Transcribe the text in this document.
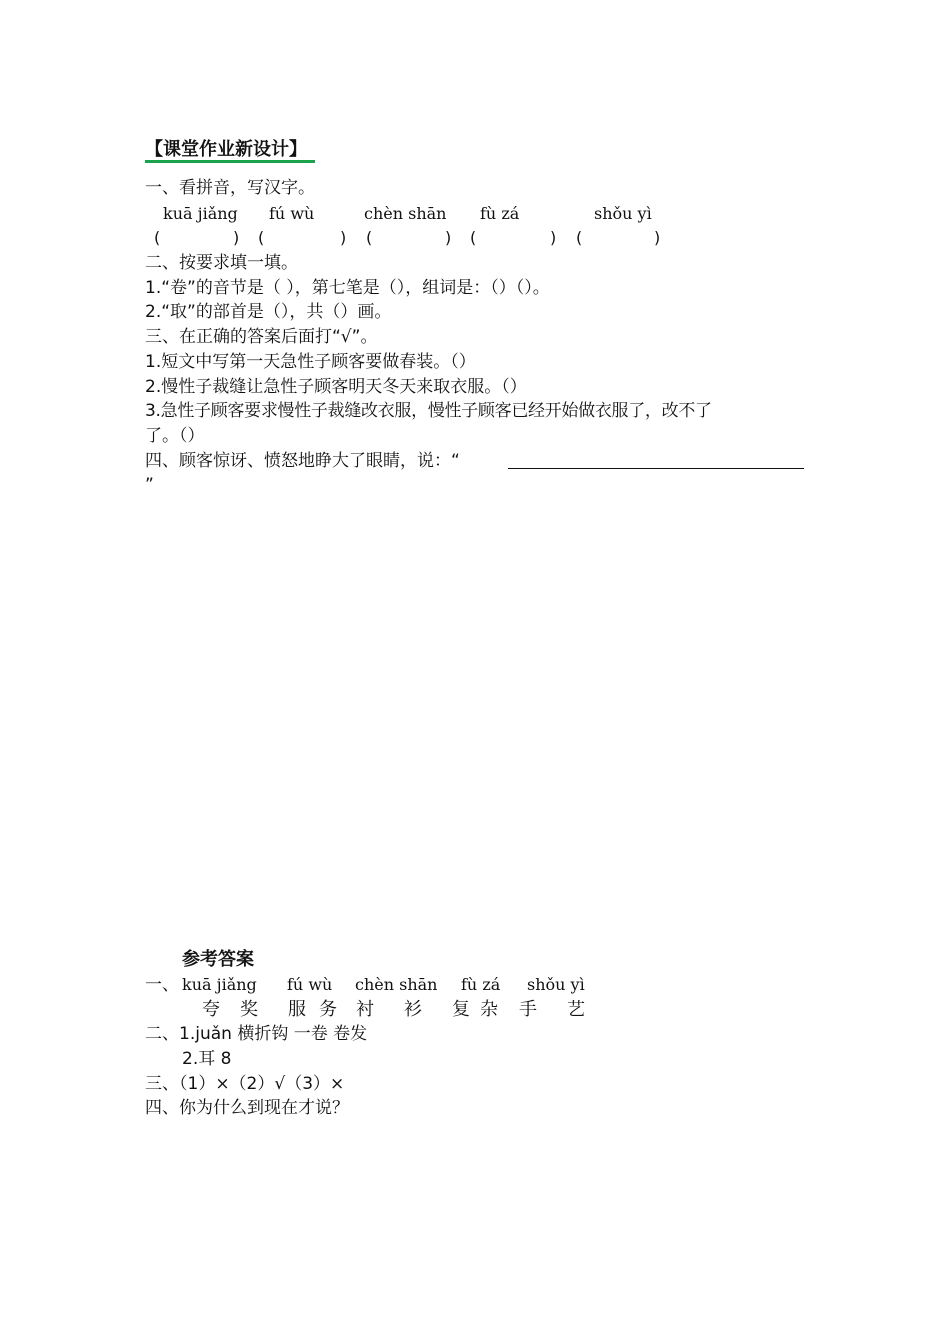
【课堂作业新设计】
一、看拼音，写汉字。
kuā jiǎng fú wù	chèn shān fù zá	shǒu yì
(	) (	) (	) (	) (	)
二、按要求填一填。
1.“卷”的音节是（ ），第七笔是（），组词是：（）（）。
2.“取”的部首是（），共（）画。
三、在正确的答案后面打“√”。
1.短文中写第一天急性子顾客要做春装。（）
2.慢性子裁缝让急性子顾客明天冬天来取衣服。（）
3.急性子顾客要求慢性子裁缝改衣服，慢性子顾客已经开始做衣服了，改不了
了。（）
四、顾客惊讶、愤怒地睁大了眼睛，说：“
”
参考答案
一、 kuā jiǎng fú wù chèn shān fù zá shǒu yì
夸 奖 服 务 衬 衫 复 杂 手 艺
二、1.juǎn 横折钩 一卷 卷发
2.耳 8
三、（1）×（2）√（3）×
四、你为什么到现在才说？
